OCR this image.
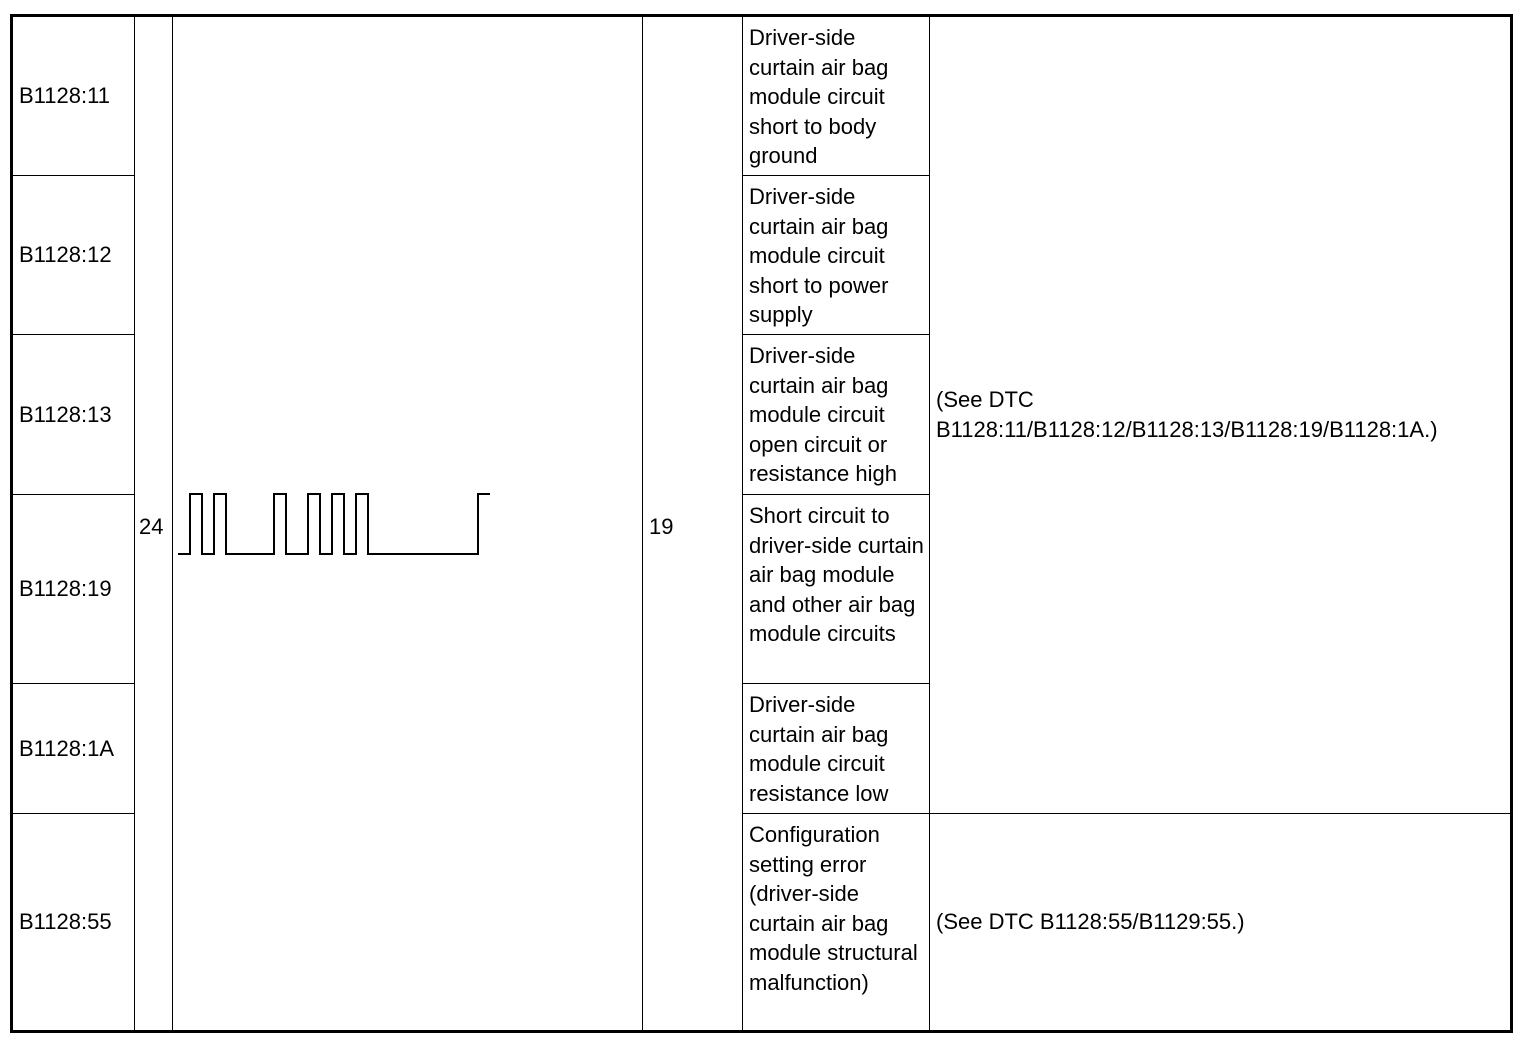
B1128:11
B1128:12
B1128:13
B1128:19
B1128:1A
B1128:55
24	19
Driver-side curtain air bag module circuit short to body ground
Driver-side curtain air bag module circuit short to power supply
Driver-side curtain air bag module circuit open circuit or resistance high
Short circuit to driver-side curtain air bag module and other air bag module circuits
Driver-side curtain air bag module circuit resistance low
Configuration setting error (driver-side curtain air bag module structural malfunction)
(See DTC B1128:11/B1128:12/B1128:13/B1128:19/B1128:1A.)
(See DTC B1128:55/B1129:55.)
